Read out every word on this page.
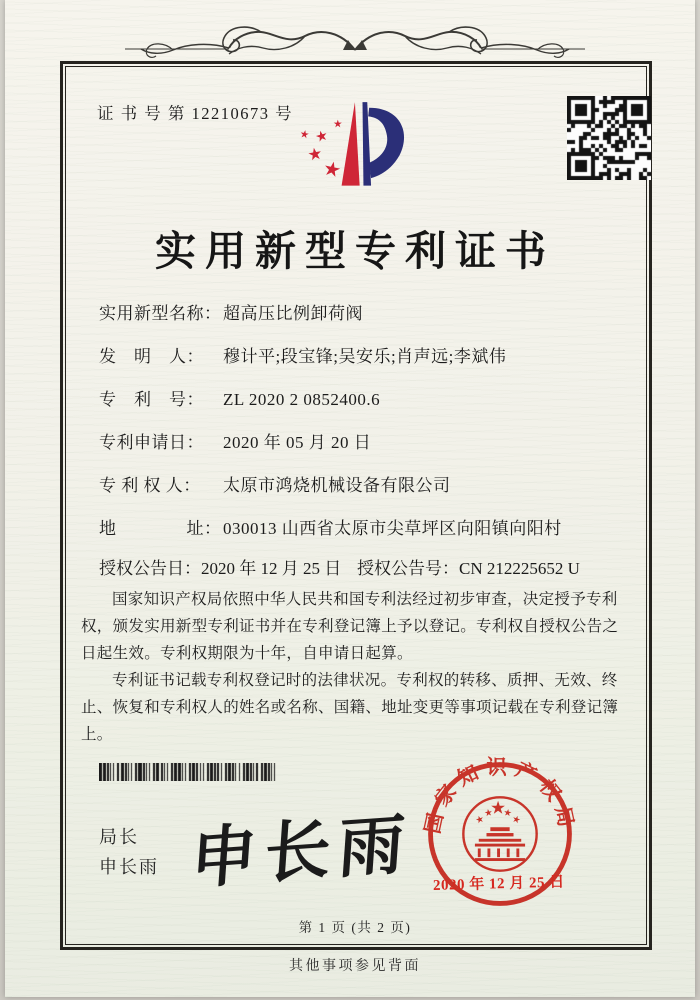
证 书 号 第 12210673 号
实用新型专利证书
实用新型名称：超高压比例卸荷阀
发　明　人： 穆计平;段宝锋;吴安乐;肖声远;李斌伟
专　利　号： ZL 2020 2 0852400.6
专利申请日： 2020 年 05 月 20 日
专 利 权 人： 太原市鸿烧机械设备有限公司
地　　　　址：030013 山西省太原市尖草坪区向阳镇向阳村
授权公告日：2020 年 12 月 25 日 授权公告号：CN 212225652 U

国家知识产权局依照中华人民共和国专利法经过初步审查，决定授予专利权，颁发实用新型专利证书并在专利登记簿上予以登记。专利权自授权公告之日起生效。专利权期限为十年，自申请日起算。

专利证书记载专利权登记时的法律状况。专利权的转移、质押、无效、终止、恢复和专利权人的姓名或名称、国籍、地址变更等事项记载在专利登记簿上。

局长
申长雨 申长雨 国家知识产权局
2020 年 12 月 25 日
第 1 页 (共 2 页)
其他事项参见背面
